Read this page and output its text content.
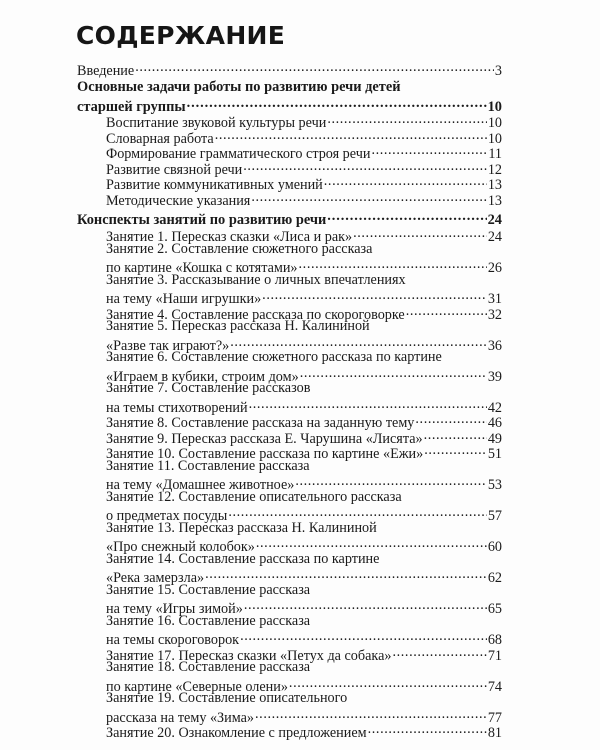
СОДЕРЖАНИЕ
Введение .....	3
Основные задачи работы по развитию речи детей
старшей группы .....	10
Воспитание звуковой культуры речи .....	10
Словарная работа .....	10
Формирование грамматического строя речи .....	11
Развитие связной речи .....	12
Развитие коммуникативных умений .....	13
Методические указания .....	13
Конспекты занятий по развитию речи .....	24
Занятие 1. Пересказ сказки «Лиса и рак» .....	24
Занятие 2. Составление сюжетного рассказа
по картине «Кошка с котятами» .....	26
Занятие 3. Рассказывание о личных впечатлениях
на тему «Наши игрушки» .....	31
Занятие 4. Составление рассказа по скороговорке .....	32
Занятие 5. Пересказ рассказа Н. Калининой
«Разве так играют?» .....	36
Занятие 6. Составление сюжетного рассказа по картине
«Играем в кубики, строим дом» .....	39
Занятие 7. Составление рассказов
на темы стихотворений .....	42
Занятие 8. Составление рассказа на заданную тему .....	46
Занятие 9. Пересказ рассказа Е. Чарушина «Лисята» .....	49
Занятие 10. Составление рассказа по картине «Ежи» .....	51
Занятие 11. Составление рассказа
на тему «Домашнее животное» .....	53
Занятие 12. Составление описательного рассказа
о предметах посуды .....	57
Занятие 13. Пересказ рассказа Н. Калининой
«Про снежный колобок» .....	60
Занятие 14. Составление рассказа по картине
«Река замерзла» .....	62
Занятие 15. Составление рассказа
на тему «Игры зимой» .....	65
Занятие 16. Составление рассказа
на темы скороговорок .....	68
Занятие 17. Пересказ сказки «Петух да собака» .....	71
Занятие 18. Составление рассказа
по картине «Северные олени» .....	74
Занятие 19. Составление описательного
рассказа на тему «Зима» .....	77
Занятие 20. Ознакомление с предложением .....	81
